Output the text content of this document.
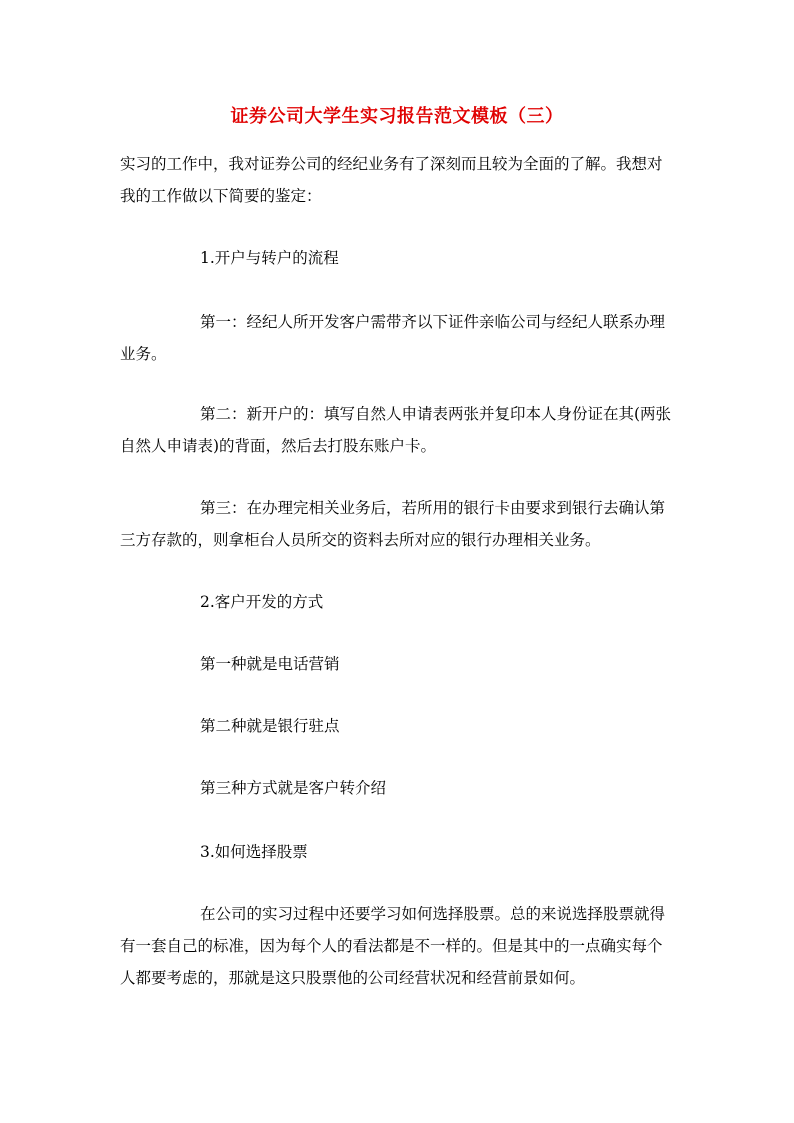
证券公司大学生实习报告范文模板（三）

实习的工作中，我对证券公司的经纪业务有了深刻而且较为全面的了解。我想对我的工作做以下简要的鉴定：

1.开户与转户的流程

第一：经纪人所开发客户需带齐以下证件亲临公司与经纪人联系办理业务。

第二：新开户的：填写自然人申请表两张并复印本人身份证在其(两张自然人申请表)的背面，然后去打股东账户卡。

第三：在办理完相关业务后，若所用的银行卡由要求到银行去确认第三方存款的，则拿柜台人员所交的资料去所对应的银行办理相关业务。

2.客户开发的方式

第一种就是电话营销

第二种就是银行驻点

第三种方式就是客户转介绍

3.如何选择股票

在公司的实习过程中还要学习如何选择股票。总的来说选择股票就得有一套自己的标准，因为每个人的看法都是不一样的。但是其中的一点确实每个人都要考虑的，那就是这只股票他的公司经营状况和经营前景如何。
